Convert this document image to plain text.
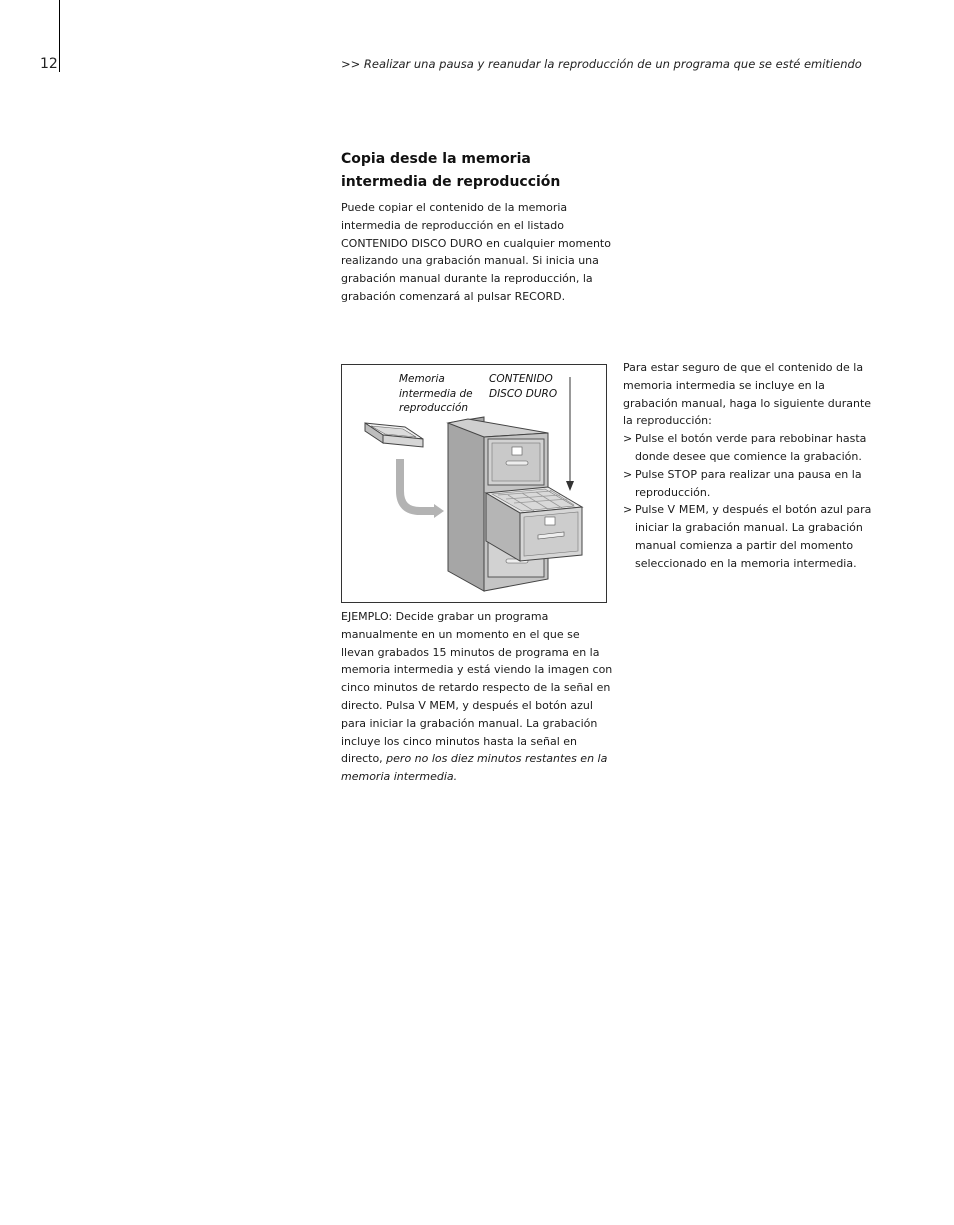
12	>> Realizar una pausa y reanudar la reproducción de un programa que se esté emitiendo
Copia desde la memoria intermedia de reproducción
Puede copiar el contenido de la memoria intermedia de reproducción en el listado CONTENIDO DISCO DURO en cualquier momento realizando una grabación manual. Si inicia una grabación manual durante la reproducción, la grabación comenzará al pulsar RECORD.
Memoria intermedia de reproducción
CONTENIDO DISCO DURO
EJEMPLO: Decide grabar un programa manualmente en un momento en el que se llevan grabados 15 minutos de programa en la memoria intermedia y está viendo la imagen con cinco minutos de retardo respecto de la señal en directo. Pulsa V MEM, y después el botón azul para iniciar la grabación manual. La grabación incluye los cinco minutos hasta la señal en directo, pero no los diez minutos restantes en la memoria intermedia.
Para estar seguro de que el contenido de la memoria intermedia se incluye en la grabación manual, haga lo siguiente durante la reproducción:
> Pulse el botón verde para rebobinar hasta donde desee que comience la grabación.
> Pulse STOP para realizar una pausa en la reproducción.
> Pulse V MEM, y después el botón azul para iniciar la grabación manual. La grabación manual comienza a partir del momento seleccionado en la memoria intermedia.
